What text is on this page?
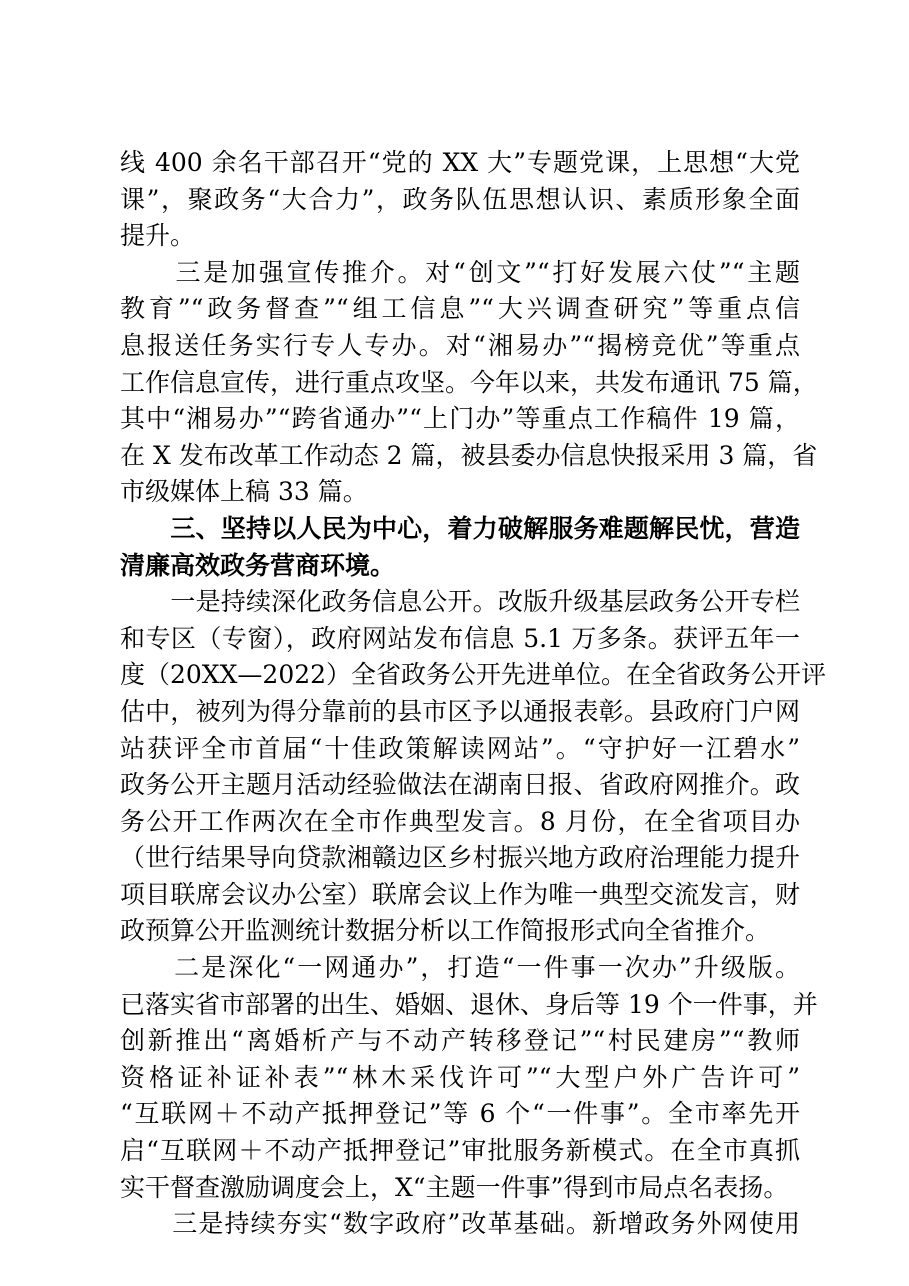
线 400 余名干部召开“党的 XX 大”专题党课，上思想“大党
课”，聚政务“大合力”，政务队伍思想认识、素质形象全面
提升。
　　三是加强宣传推介。对“创文”“打好发展六仗”“主题
教育”“政务督查”“组工信息”“大兴调查研究”等重点信
息报送任务实行专人专办。对“湘易办”“揭榜竞优”等重点
工作信息宣传，进行重点攻坚。今年以来，共发布通讯 75 篇，
其中“湘易办”“跨省通办”“上门办”等重点工作稿件 19 篇，
在 X 发布改革工作动态 2 篇，被县委办信息快报采用 3 篇，省
市级媒体上稿 33 篇。
　　三、坚持以人民为中心，着力破解服务难题解民忧，营造
清廉高效政务营商环境。
　　一是持续深化政务信息公开。改版升级基层政务公开专栏
和专区（专窗），政府网站发布信息 5.1 万多条。获评五年一
度（20XX—2022）全省政务公开先进单位。在全省政务公开评
估中，被列为得分靠前的县市区予以通报表彰。县政府门户网
站获评全市首届“十佳政策解读网站”。“守护好一江碧水”
政务公开主题月活动经验做法在湖南日报、省政府网推介。政
务公开工作两次在全市作典型发言。8 月份，在全省项目办
（世行结果导向贷款湘赣边区乡村振兴地方政府治理能力提升
项目联席会议办公室）联席会议上作为唯一典型交流发言，财
政预算公开监测统计数据分析以工作简报形式向全省推介。
　　二是深化“一网通办”，打造“一件事一次办”升级版。
已落实省市部署的出生、婚姻、退休、身后等 19 个一件事，并
创新推出“离婚析产与不动产转移登记”“村民建房”“教师
资格证补证补表”“林木采伐许可”“大型户外广告许可”
“互联网＋不动产抵押登记”等 6 个“一件事”。全市率先开
启“互联网＋不动产抵押登记”审批服务新模式。在全市真抓
实干督查激励调度会上，X“主题一件事”得到市局点名表扬。
　　三是持续夯实“数字政府”改革基础。新增政务外网使用
